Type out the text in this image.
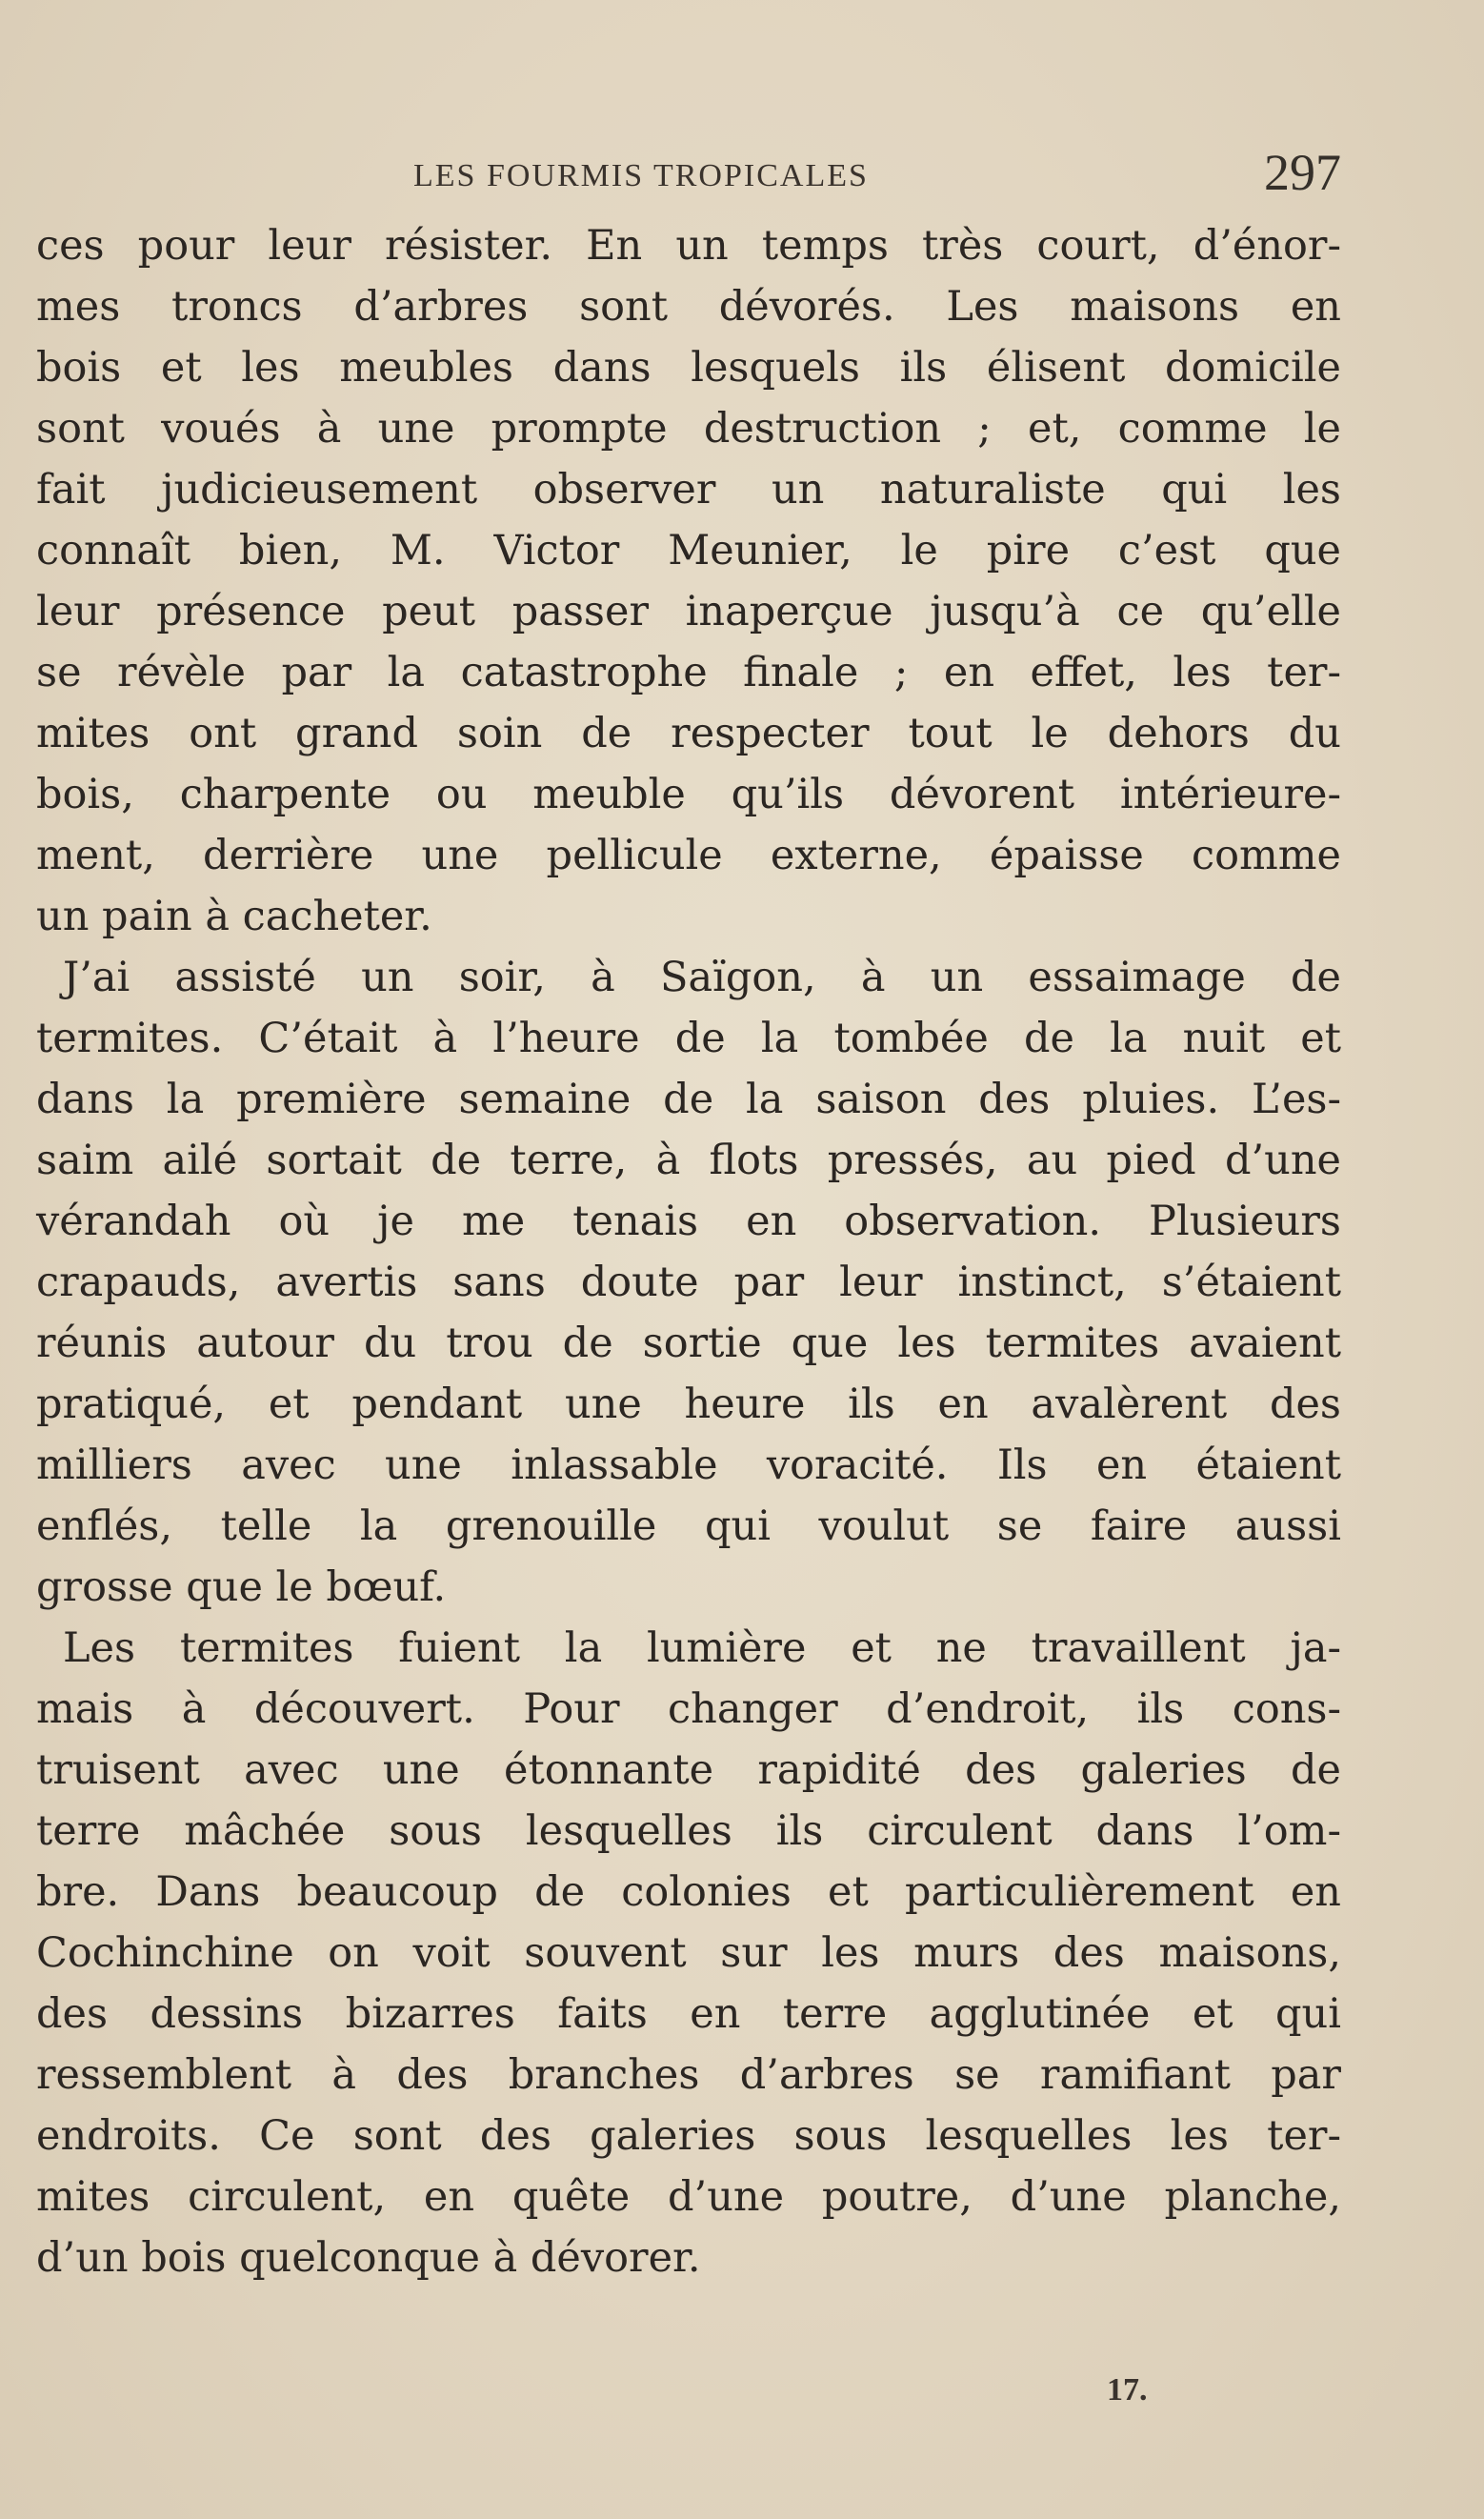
LES FOURMIS TROPICALES	297
ces pour leur résister. En un temps très court, d’énor-
mes troncs d’arbres sont dévorés. Les maisons en
bois et les meubles dans lesquels ils élisent domicile
sont voués à une prompte destruction ; et, comme le
fait judicieusement observer un naturaliste qui les
connaît bien, M. Victor Meunier, le pire c’est que
leur présence peut passer inaperçue jusqu’à ce qu’elle
se révèle par la catastrophe finale ; en effet, les ter-
mites ont grand soin de respecter tout le dehors du
bois, charpente ou meuble qu’ils dévorent intérieure-
ment, derrière une pellicule externe, épaisse comme
un pain à cacheter.
J’ai assisté un soir, à Saïgon, à un essaimage de
termites. C’était à l’heure de la tombée de la nuit et
dans la première semaine de la saison des pluies. L’es-
saim ailé sortait de terre, à flots pressés, au pied d’une
vérandah où je me tenais en observation. Plusieurs
crapauds, avertis sans doute par leur instinct, s’étaient
réunis autour du trou de sortie que les termites avaient
pratiqué, et pendant une heure ils en avalèrent des
milliers avec une inlassable voracité. Ils en étaient
enflés, telle la grenouille qui voulut se faire aussi
grosse que le bœuf.
Les termites fuient la lumière et ne travaillent ja-
mais à découvert. Pour changer d’endroit, ils cons-
truisent avec une étonnante rapidité des galeries de
terre mâchée sous lesquelles ils circulent dans l’om-
bre. Dans beaucoup de colonies et particulièrement en
Cochinchine on voit souvent sur les murs des maisons,
des dessins bizarres faits en terre agglutinée et qui
ressemblent à des branches d’arbres se ramifiant par
endroits. Ce sont des galeries sous lesquelles les ter-
mites circulent, en quête d’une poutre, d’une planche,
d’un bois quelconque à dévorer.
17.
